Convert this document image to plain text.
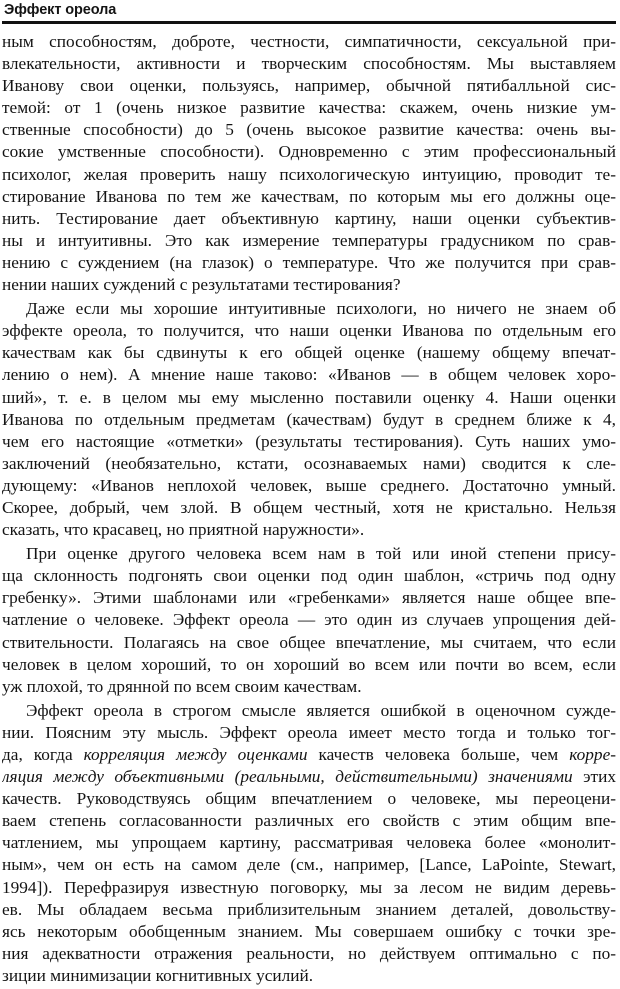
Эффект ореола
ным способностям, доброте, честности, симпатичности, сексуальной при-
влекательности, активности и творческим способностям. Мы выставляем
Иванову свои оценки, пользуясь, например, обычной пятибалльной сис-
темой: от 1 (очень низкое развитие качества: скажем, очень низкие ум-
ственные способности) до 5 (очень высокое развитие качества: очень вы-
сокие умственные способности). Одновременно с этим профессиональный
психолог, желая проверить нашу психологическую интуицию, проводит те-
стирование Иванова по тем же качествам, по которым мы его должны оце-
нить. Тестирование дает объективную картину, наши оценки субъектив-
ны и интуитивны. Это как измерение температуры градусником по срав-
нению с суждением (на глазок) о температуре. Что же получится при срав-
нении наших суждений с результатами тестирования?
Даже если мы хорошие интуитивные психологи, но ничего не знаем об
эффекте ореола, то получится, что наши оценки Иванова по отдельным его
качествам как бы сдвинуты к его общей оценке (нашему общему впечат-
лению о нем). А мнение наше таково: «Иванов — в общем человек хоро-
ший», т. е. в целом мы ему мысленно поставили оценку 4. Наши оценки
Иванова по отдельным предметам (качествам) будут в среднем ближе к 4,
чем его настоящие «отметки» (результаты тестирования). Суть наших умо-
заключений (необязательно, кстати, осознаваемых нами) сводится к сле-
дующему: «Иванов неплохой человек, выше среднего. Достаточно умный.
Скорее, добрый, чем злой. В общем честный, хотя не кристально. Нельзя
сказать, что красавец, но приятной наружности».
При оценке другого человека всем нам в той или иной степени прису-
ща склонность подгонять свои оценки под один шаблон, «стричь под одну
гребенку». Этими шаблонами или «гребенками» является наше общее впе-
чатление о человеке. Эффект ореола — это один из случаев упрощения дей-
ствительности. Полагаясь на свое общее впечатление, мы считаем, что если
человек в целом хороший, то он хороший во всем или почти во всем, если
уж плохой, то дрянной по всем своим качествам.
Эффект ореола в строгом смысле является ошибкой в оценочном сужде-
нии. Поясним эту мысль. Эффект ореола имеет место тогда и только тог-
да, когда корреляция между оценками качеств человека больше, чем корре-
ляция между объективными (реальными, действительными) значениями этих
качеств. Руководствуясь общим впечатлением о человеке, мы переоцени-
ваем степень согласованности различных его свойств с этим общим впе-
чатлением, мы упрощаем картину, рассматривая человека более «монолит-
ным», чем он есть на самом деле (см., например, [Lance, LaPointe, Stewart,
1994]). Перефразируя известную поговорку, мы за лесом не видим деревь-
ев. Мы обладаем весьма приблизительным знанием деталей, довольству-
ясь некоторым обобщенным знанием. Мы совершаем ошибку с точки зре-
ния адекватности отражения реальности, но действуем оптимально с по-
зиции минимизации когнитивных усилий.
